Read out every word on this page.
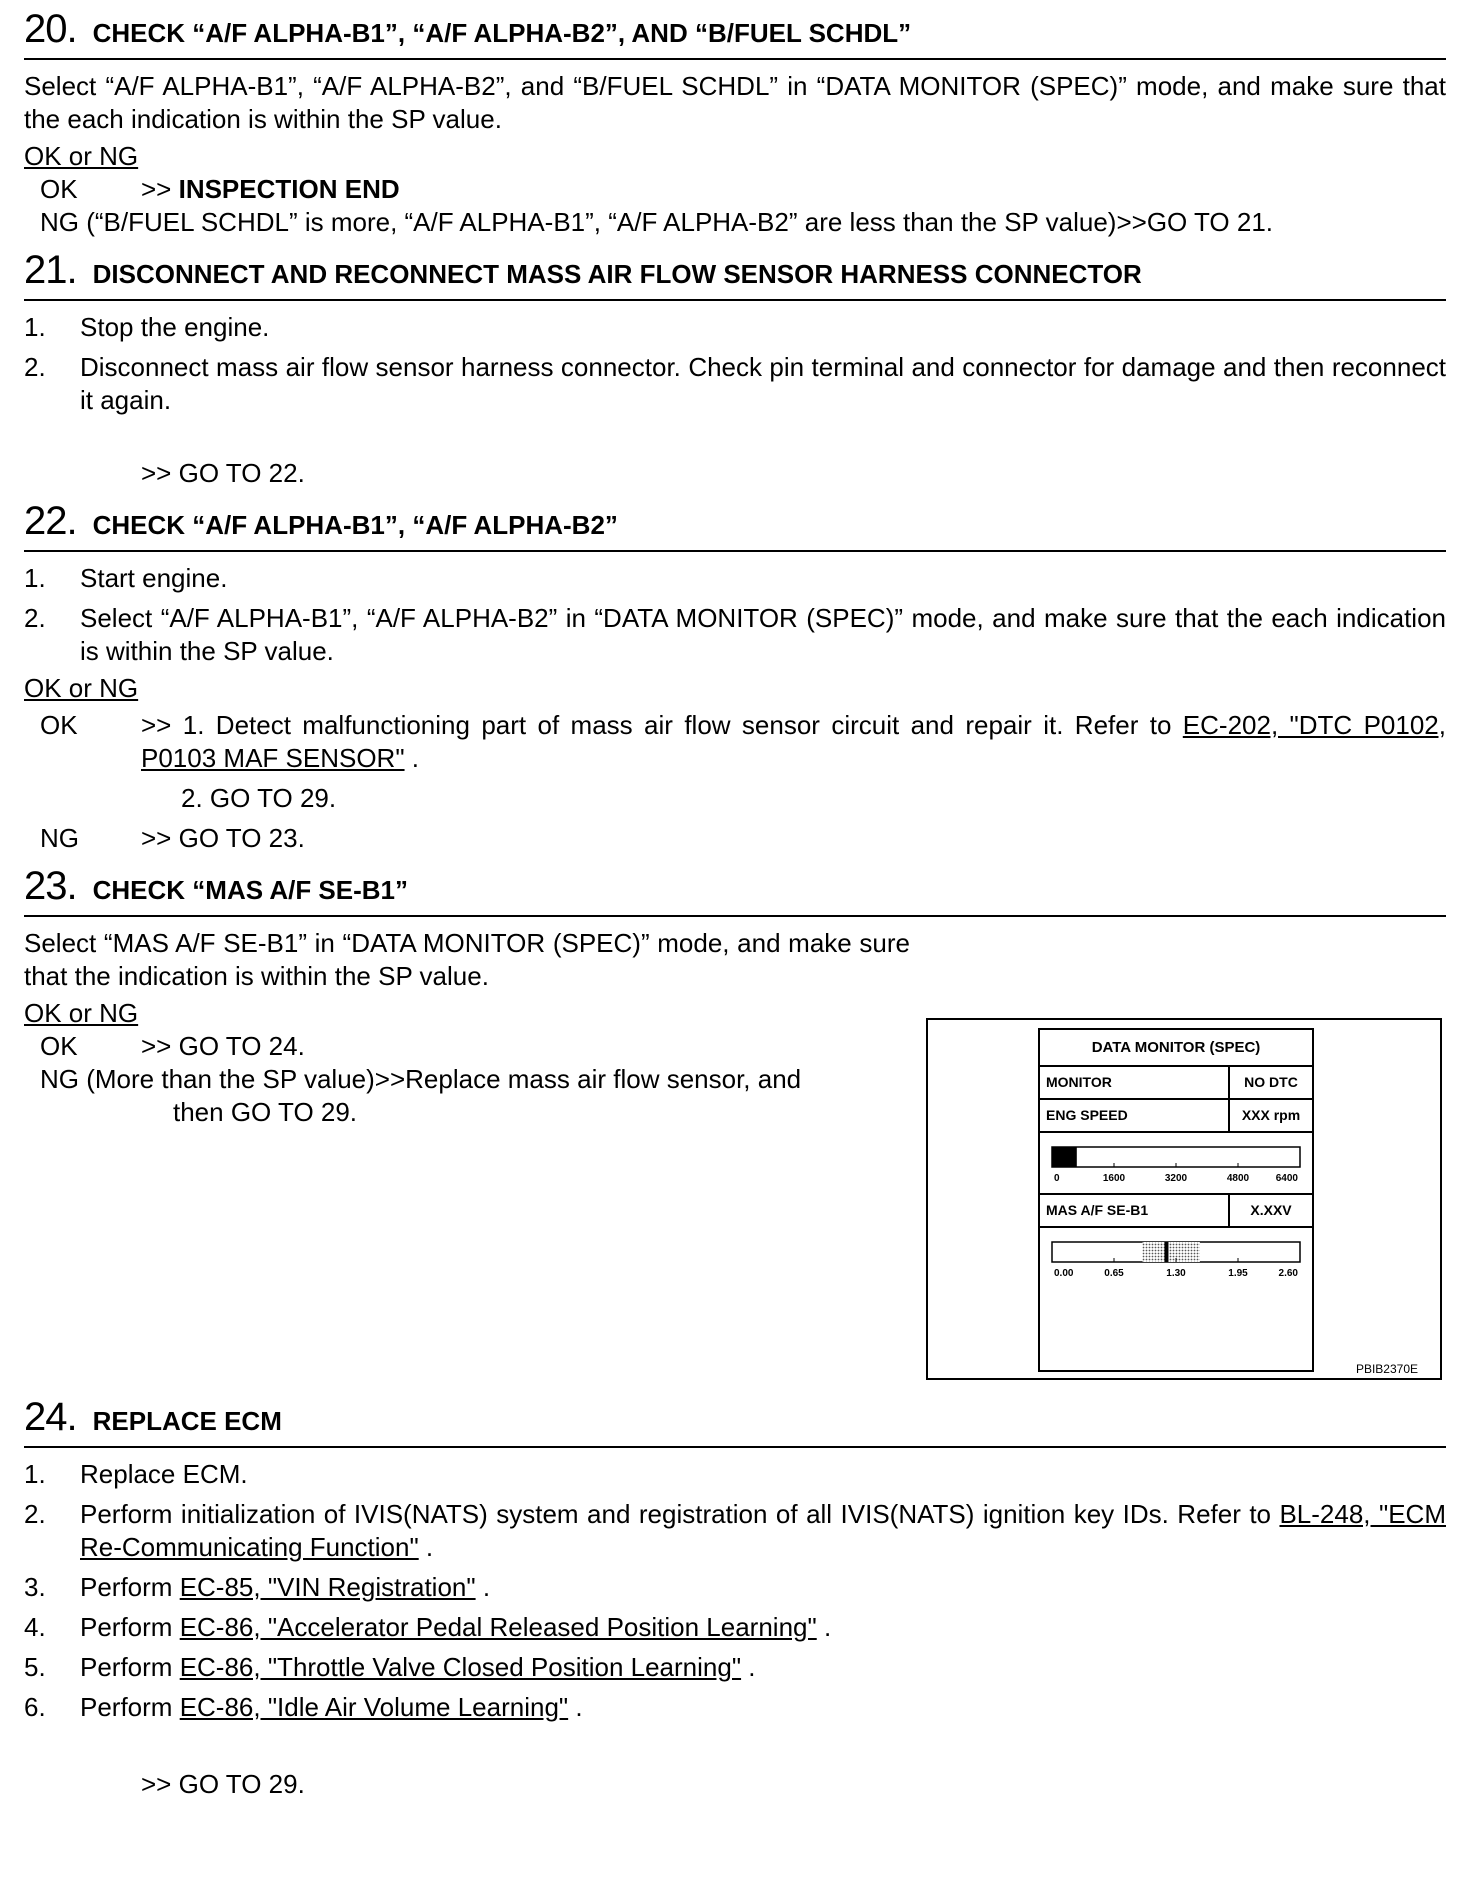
20. CHECK “A/F ALPHA-B1”, “A/F ALPHA-B2”, AND “B/FUEL SCHDL”
Select “A/F ALPHA-B1”, “A/F ALPHA-B2”, and “B/FUEL SCHDL” in “DATA MONITOR (SPEC)” mode, and make sure that the each indication is within the SP value.
OK or NG
OK	>> INSPECTION END
NG (“B/FUEL SCHDL” is more, “A/F ALPHA-B1”, “A/F ALPHA-B2” are less than the SP value)>>GO TO 21.
21. DISCONNECT AND RECONNECT MASS AIR FLOW SENSOR HARNESS CONNECTOR
1. Stop the engine.
2. Disconnect mass air flow sensor harness connector. Check pin terminal and connector for damage and then reconnect it again.
>> GO TO 22.
22. CHECK “A/F ALPHA-B1”, “A/F ALPHA-B2”
1. Start engine.
2. Select “A/F ALPHA-B1”, “A/F ALPHA-B2” in “DATA MONITOR (SPEC)” mode, and make sure that the each indication is within the SP value.
OK or NG
OK	>> 1. Detect malfunctioning part of mass air flow sensor circuit and repair it. Refer to EC-202, "DTC P0102, P0103 MAF SENSOR" .
2. GO TO 29.
NG	>> GO TO 23.
23. CHECK “MAS A/F SE-B1”
Select “MAS A/F SE-B1” in “DATA MONITOR (SPEC)” mode, and make sure that the indication is within the SP value.
OK or NG
OK	>> GO TO 24.
NG (More than the SP value)>>Replace mass air flow sensor, and
then GO TO 29.
DATA MONITOR (SPEC)
MONITOR	NO DTC
ENG SPEED	XXX rpm
0	1600	3200	4800	6400
MAS A/F SE-B1	X.XXV
0.00	0.65	1.30	1.95	2.60
PBIB2370E
24. REPLACE ECM
1. Replace ECM.
2. Perform initialization of IVIS(NATS) system and registration of all IVIS(NATS) ignition key IDs. Refer to BL-248, "ECM Re-Communicating Function" .
3. Perform EC-85, "VIN Registration" .
4. Perform EC-86, "Accelerator Pedal Released Position Learning" .
5. Perform EC-86, "Throttle Valve Closed Position Learning" .
6. Perform EC-86, "Idle Air Volume Learning" .
>> GO TO 29.
